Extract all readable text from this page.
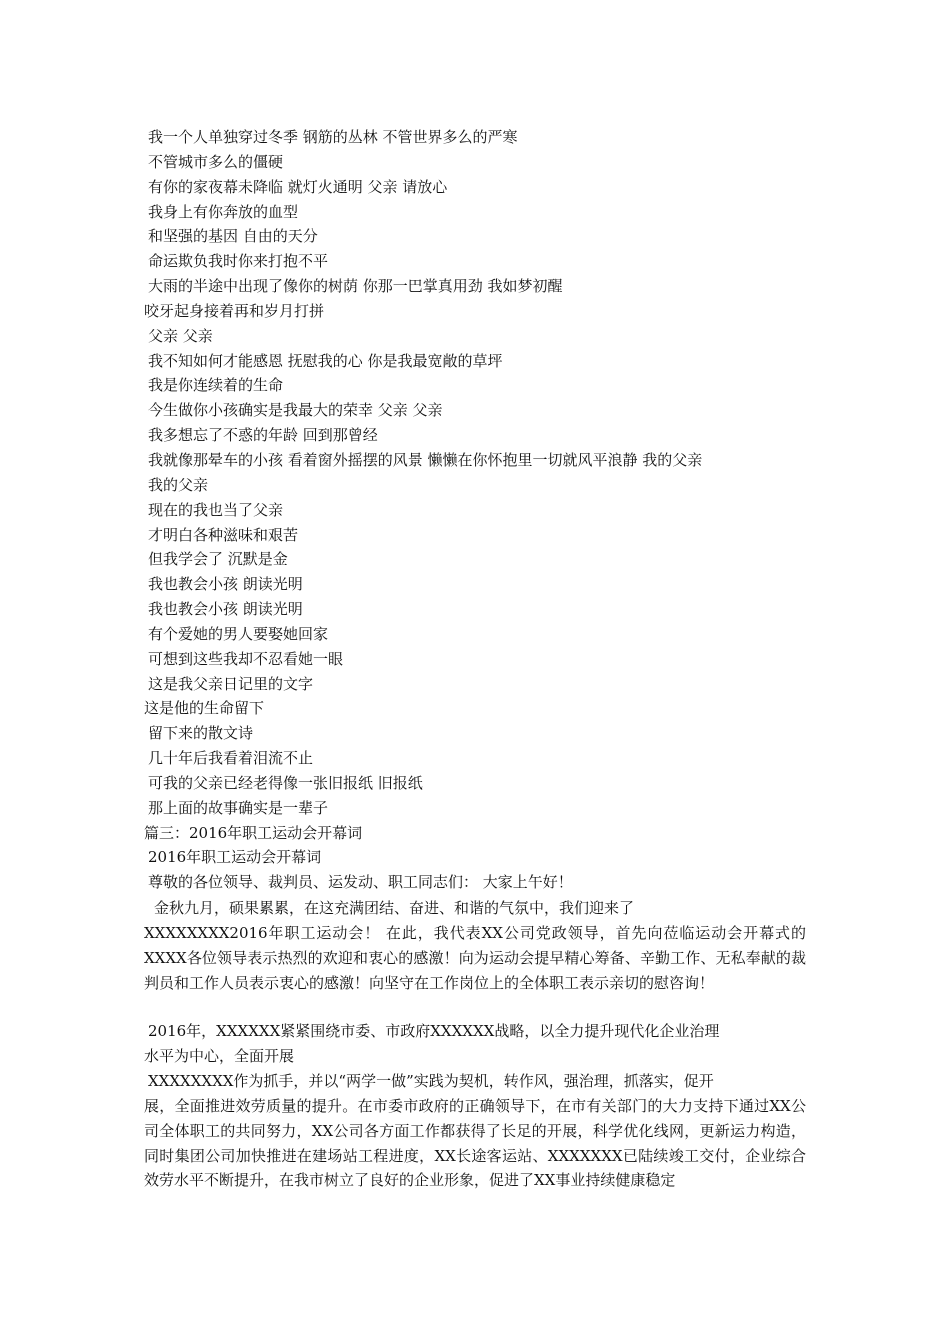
我一个人单独穿过冬季 钢筋的丛林 不管世界多么的严寒
不管城市多么的僵硬
有你的家夜幕未降临 就灯火通明 父亲 请放心
我身上有你奔放的血型
和坚强的基因 自由的天分
命运欺负我时你来打抱不平
大雨的半途中出现了像你的树荫 你那一巴掌真用劲 我如梦初醒
咬牙起身接着再和岁月打拼
父亲 父亲
我不知如何才能感恩 抚慰我的心 你是我最宽敞的草坪
我是你连续着的生命
今生做你小孩确实是我最大的荣幸 父亲 父亲
我多想忘了不惑的年龄 回到那曾经
我就像那晕车的小孩 看着窗外摇摆的风景 懒懒在你怀抱里一切就风平浪静 我的父亲
我的父亲
现在的我也当了父亲
才明白各种滋味和艰苦
但我学会了 沉默是金
我也教会小孩 朗读光明
我也教会小孩 朗读光明
有个爱她的男人要娶她回家
可想到这些我却不忍看她一眼
这是我父亲日记里的文字
这是他的生命留下
留下来的散文诗
几十年后我看着泪流不止
可我的父亲已经老得像一张旧报纸 旧报纸
那上面的故事确实是一辈子
篇三：2016年职工运动会开幕词
2016年职工运动会开幕词
尊敬的各位领导、裁判员、运发动、职工同志们： 大家上午好！
金秋九月，硕果累累，在这充满团结、奋进、和谐的气氛中，我们迎来了
XXXXXXXX2016年职工运动会！ 在此，我代表XX公司党政领导，首先向莅临运动会开幕式的XXXX各位领导表示热烈的欢迎和衷心的感激！向为运动会提早精心筹备、辛勤工作、无私奉献的裁判员和工作人员表示衷心的感激！向坚守在工作岗位上的全体职工表示亲切的慰咨询！
2016年，XXXXXX紧紧围绕市委、市政府XXXXXX战略，以全力提升现代化企业治理
水平为中心，全面开展
XXXXXXXX作为抓手，并以“两学一做”实践为契机，转作风，强治理，抓落实，促开
展，全面推进效劳质量的提升。在市委市政府的正确领导下，在市有关部门的大力支持下通过XX公司全体职工的共同努力，XX公司各方面工作都获得了长足的开展，科学优化线网，更新运力构造，同时集团公司加快推进在建场站工程进度，XX长途客运站、XXXXXXX已陆续竣工交付，企业综合效劳水平不断提升，在我市树立了良好的企业形象，促进了XX事业持续健康稳定
